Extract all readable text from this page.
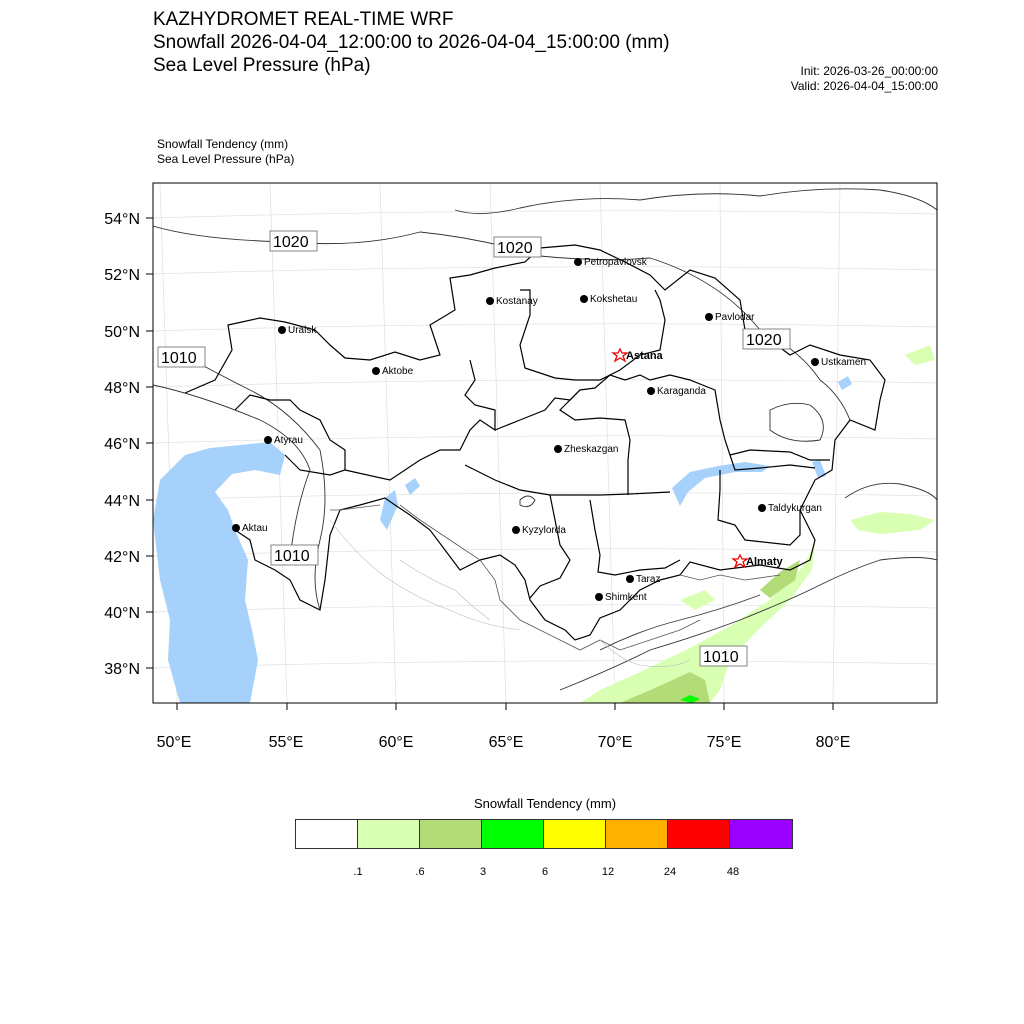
KAZHYDROMET REAL-TIME WRF
Snowfall 2026-04-04_12:00:00 to 2026-04-04_15:00:00 (mm)
Sea Level Pressure (hPa)	Init: 2026-03-26_00:00:00
Valid: 2026-04-04_15:00:00
Snowfall Tendency (mm)
Sea Level Pressure (hPa)
54°N
52°N
50°N
48°N
46°N
44°N
42°N
40°N
38°N
50°E	55°E	60°E	65°E	70°E	75°E	80°E
1020	1020
1020
1010
1010
1010
Petropavlovsk
Kostanay	Kokshetau
Pavlodar
Uralsk
Aktobe
Astana
Ustkamen
Karaganda
Atyrau
Zheskazgan
Aktau	Kyzylorda
Taldykurgan
Almaty
Taraz
Shimkent
Snowfall Tendency (mm)
.1	.6	3	6	12	24	48
